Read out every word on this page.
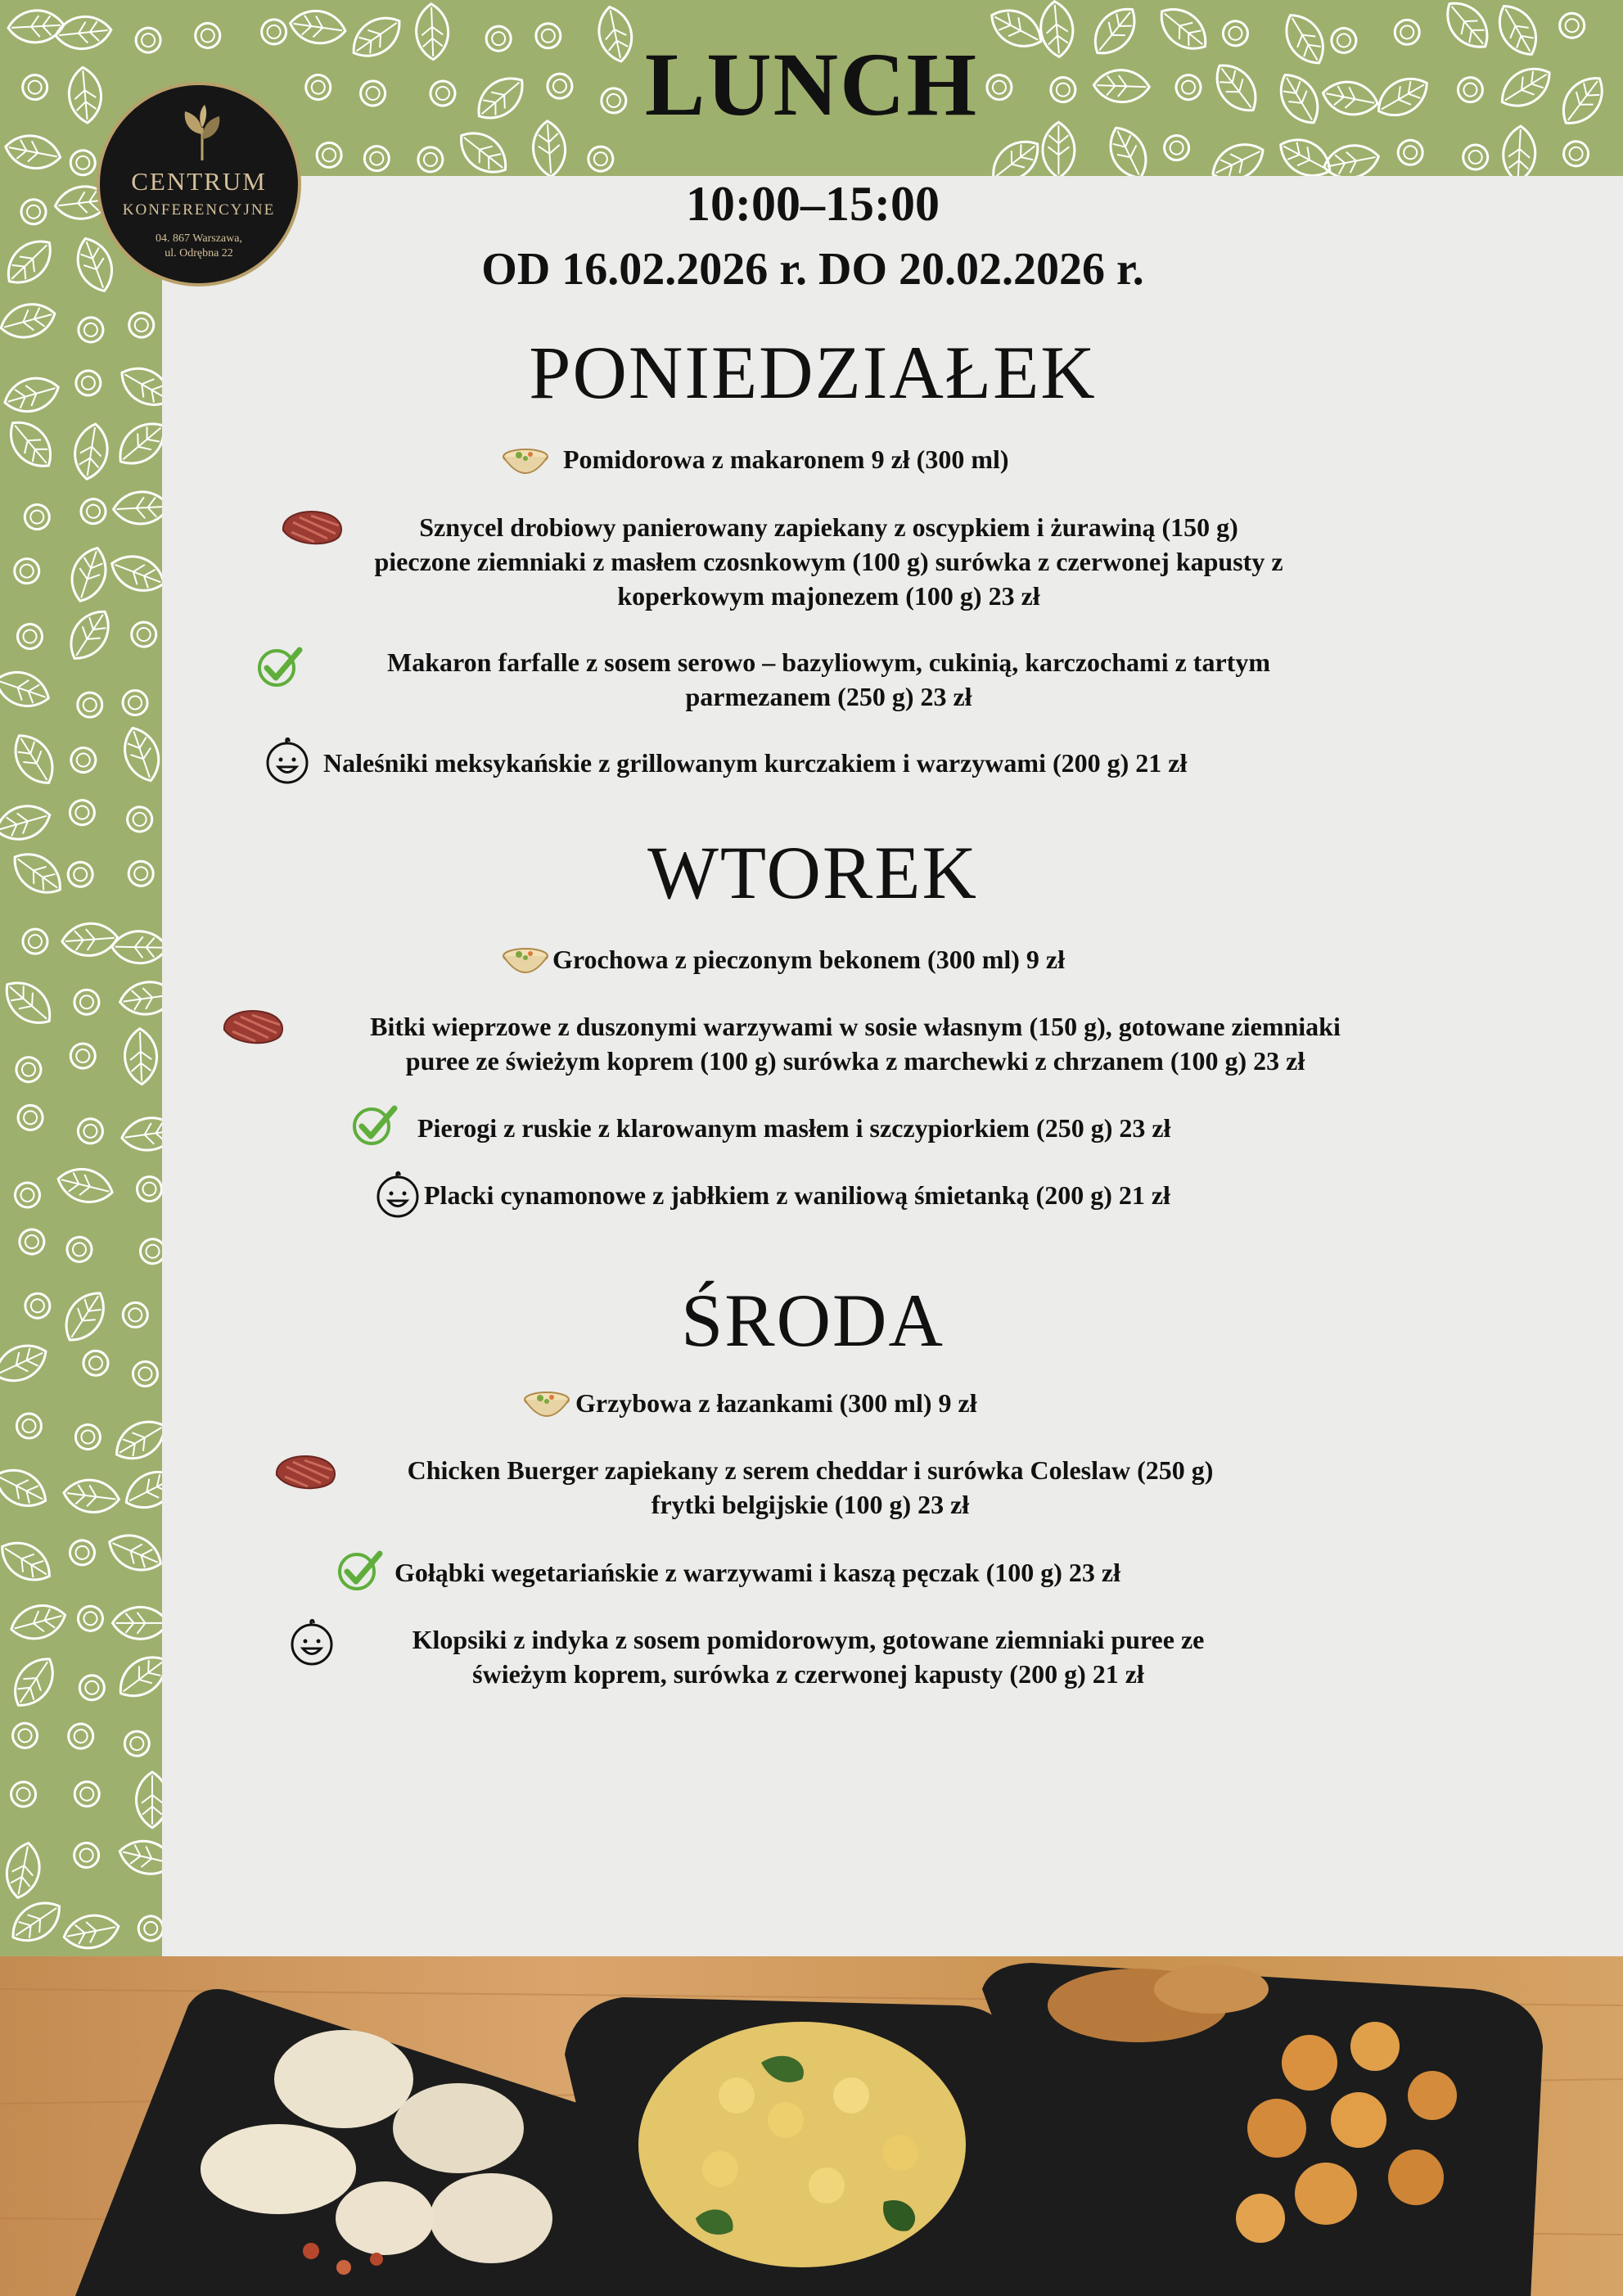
LUNCH
CENTRUM
KONFERENCYJNE
04. 867 Warszawa,
ul. Odrębna 22
10:00–15:00
OD 16.02.2026 r. DO 20.02.2026 r.
PONIEDZIAŁEK
Pomidorowa z makaronem 9 zł (300 ml)
Sznycel drobiowy panierowany zapiekany z oscypkiem i żurawiną (150 g)
pieczone ziemniaki z masłem czosnkowym (100 g) surówka z czerwonej kapusty z
koperkowym majonezem (100 g) 23 zł
Makaron farfalle z sosem serowo – bazyliowym, cukinią, karczochami z tartym
parmezanem (250 g) 23 zł
Naleśniki meksykańskie z grillowanym kurczakiem i warzywami (200 g) 21 zł
WTOREK
Grochowa z pieczonym bekonem (300 ml) 9 zł
Bitki wieprzowe z duszonymi warzywami w sosie własnym (150 g), gotowane ziemniaki
puree ze świeżym koprem (100 g) surówka z marchewki z chrzanem (100 g) 23 zł
Pierogi z ruskie z klarowanym masłem i szczypiorkiem (250 g) 23 zł
Placki cynamonowe z jabłkiem z waniliową śmietanką (200 g) 21 zł
ŚRODA
Grzybowa z łazankami (300 ml) 9 zł
Chicken Buerger zapiekany z serem cheddar i surówka Coleslaw (250 g)
frytki belgijskie (100 g) 23 zł
Gołąbki wegetariańskie z warzywami i kaszą pęczak (100 g) 23 zł
Klopsiki z indyka z sosem pomidorowym, gotowane ziemniaki puree ze
świeżym koprem, surówka z czerwonej kapusty (200 g) 21 zł
